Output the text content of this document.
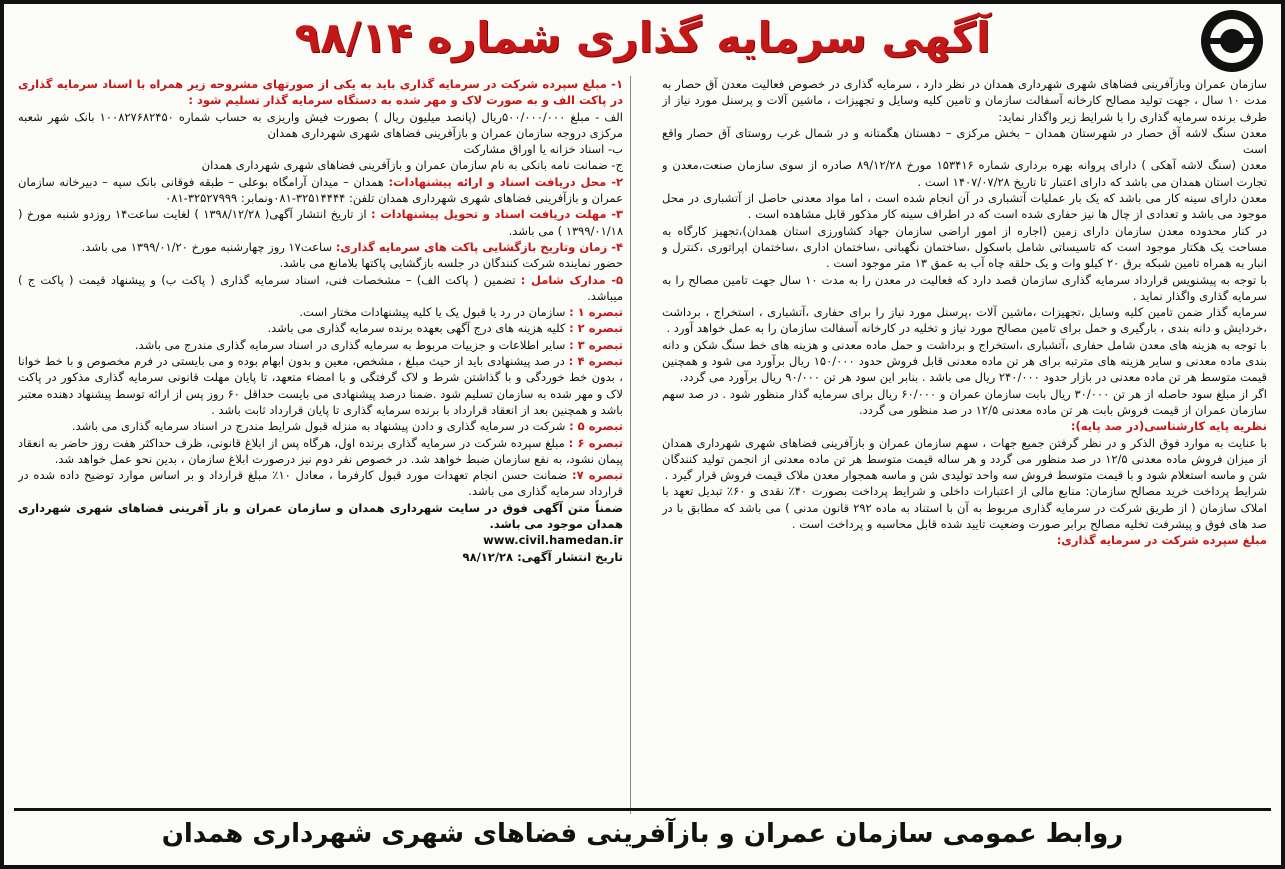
آگهی سرمایه گذاری شماره ۹۸/۱۴

سازمان عمران وبازآفرینی فضاهای شهری شهرداری همدان در نظر دارد ، سرمایه گذاری در خصوص فعالیت معدن آق حصار به مدت ۱۰ سال ، جهت تولید مصالح کارخانه آسفالت سازمان و تامین کلیه وسایل و تجهیزات ، ماشین آلات و پرسنل مورد نیاز از طرف برنده سرمایه گذاری را با شرایط زیر واگذار نماید:

معدن سنگ لاشه آق حصار در شهرستان همدان – بخش مرکزی – دهستان هگمتانه و در شمال غرب روستای آق حصار واقع است

معدن (سنگ لاشه آهکی ) دارای پروانه بهره برداری شماره ۱۵۳۴۱۶ مورخ ۸۹/۱۲/۲۸ صادره از سوی سازمان صنعت،معدن و تجارت استان همدان می باشد که دارای اعتبار تا تاریخ ۱۴۰۷/۰۷/۲۸ است .

معدن دارای سینه کار می باشد که یک بار عملیات آتشباری در آن انجام شده است ، اما مواد معدنی حاصل از آتشباری در محل موجود می باشد و تعدادی از چال ها نیز حفاری شده است که در اطراف سینه کار مذکور قابل مشاهده است .

در کنار محدوده معدن سازمان دارای زمین (اجاره از امور اراضی سازمان جهاد کشاورزی استان همدان)،تجهیز کارگاه به مساحت یک هکتار موجود است که تاسیساتی شامل باسکول ،ساختمان نگهبانی ،ساختمان اداری ،ساختمان اپراتوری ،کنترل و انبار به همراه تامین شبکه برق ۲۰ کیلو وات و یک حلقه چاه آب به عمق ۱۳ متر موجود است .

با توجه به پیشنویس قرارداد سرمایه گذاری سازمان قصد دارد که فعالیت در معدن را به مدت ۱۰ سال جهت تامین مصالح را به سرمایه گذاری واگذار نماید .

سرمایه گذار ضمن تامین کلیه وسایل ،تجهیزات ،ماشین آلات ،پرسنل مورد نیاز را برای حفاری ،آتشباری ، استخراج ، برداشت ،خردایش و دانه بندی ، بارگیری و حمل برای تامین مصالح مورد نیاز و تخلیه در کارخانه آسفالت سازمان را به عمل خواهد آورد .

با توجه به هزینه های معدن شامل حفاری ،آتشباری ،استخراج و برداشت و حمل ماده معدنی و هزینه های خط سنگ شکن و دانه بندی ماده معدنی و سایر هزینه های مترتبه برای هر تن ماده معدنی قابل فروش حدود ۱۵۰/۰۰۰ ریال برآورد می شود و همچنین قیمت متوسط هر تن ماده معدنی در بازار حدود ۲۴۰/۰۰۰ ریال می باشد . بنابر این سود هر تن ۹۰/۰۰۰ ریال برآورد می گردد.

اگر از مبلغ سود حاصله از هر تن ۳۰/۰۰۰ ریال بابت سازمان عمران و ۶۰/۰۰۰ ریال برای سرمایه گذار منظور شود . در صد سهم سازمان عمران از قیمت فروش بابت هر تن ماده معدنی ۱۲/۵ در صد منظور می گردد.

نظریه پایه کارشناسی(در صد پایه):

با عنایت به موارد فوق الذکر و در نظر گرفتن جمیع جهات ، سهم سازمان عمران و بازآفرینی فضاهای شهری شهرداری همدان از میزان فروش ماده معدنی ۱۲/۵ در صد منظور می گردد و هر ساله قیمت متوسط هر تن ماده معدنی از انجمن تولید کنندگان شن و ماسه استعلام شود و با قیمت متوسط فروش سه واحد تولیدی شن و ماسه همجوار معدن ملاک قیمت فروش قرار گیرد .

شرایط پرداخت خرید مصالح سازمان: منابع مالی از اعتبارات داخلی و شرایط پرداخت بصورت ۴۰٪ نقدی و ۶۰٪ تبدیل تعهد با املاک سازمان ( از طریق شرکت در سرمایه گذاری مربوط به آن با استناد به ماده ۲۹۲ قانون مدنی ) می باشد که مطابق با در صد های فوق و پیشرفت تخلیه مصالح برابر صورت وضعیت تایید شده قابل محاسبه و پرداخت است .

مبلغ سپرده شرکت در سرمایه گذاری:

۱- مبلغ سپرده شرکت در سرمایه گذاری باید به یکی از صورتهای مشروحه زیر همراه با اسناد سرمایه گذاری در پاکت الف و به صورت لاک و مهر شده به دستگاه سرمایه گذار تسلیم شود :

الف - مبلغ ۵۰۰/۰۰۰/۰۰۰ریال (پانصد میلیون ریال ) بصورت فیش واریزی به حساب شماره ۱۰۰۸۲۷۶۸۲۴۵۰ بانک شهر شعبه مرکزی دروجه سازمان عمران و بازآفرینی فضاهای شهری شهرداری همدان

ب- اسناد خزانه یا اوراق مشارکت

ج- ضمانت نامه بانکی به نام سازمان عمران و بازآفرینی فضاهای شهری شهرداری همدان

۲- محل دریافت اسناد و ارائه پیشنهادات: همدان – میدان آرامگاه بوعلی – طبقه فوقانی بانک سپه – دبیرخانه سازمان عمران و بازآفرینی فضاهای شهری شهرداری همدان تلفن: ۳۲۵۱۴۴۴۴-۰۸۱ونمابر: ۳۲۵۲۷۹۹۹-۰۸۱

۳- مهلت دریافت اسناد و تحویل پیشنهادات : از تاریخ انتشار آگهی( ۱۳۹۸/۱۲/۲۸ ) لغایت ساعت۱۴ روزدو شنبه مورخ ( ۱۳۹۹/۰۱/۱۸ ) می باشد.

۴- زمان وتاریخ بازگشایی پاکت های سرمایه گذاری: ساعت۱۷ روز چهارشنبه مورخ ۱۳۹۹/۰۱/۲۰ می باشد.

حضور نماینده شرکت کنندگان در جلسه بازگشایی پاکتها بلامانع می باشد.

۵- مدارک شامل : تضمین ( پاکت الف) – مشخصات فنی، اسناد سرمایه گذاری ( پاکت ب) و پیشنهاد قیمت ( پاکت ج ) میباشد.

تبصره ۱ : سازمان در رد یا قبول یک یا کلیه پیشنهادات مختار است.

تبصره ۲ : کلیه هزینه های درج آگهی بعهده برنده سرمایه گذاری می باشد.

تبصره ۳ : سایر اطلاعات و جزییات مربوط به سرمایه گذاری در اسناد سرمایه گذاری مندرج می باشد.

تبصره ۴ : در صد پیشنهادی باید از حیث مبلغ ، مشخص، معین و بدون ابهام بوده و می بایستی در فرم مخصوص و با خط خوانا ، بدون خط خوردگی و با گذاشتن شرط و لاک گرفتگی و با امضاء متعهد، تا پایان مهلت قانونی سرمایه گذاری مذکور در پاکت لاک و مهر شده به سازمان تسلیم شود .ضمنا درصد پیشنهادی می بایست حداقل ۶۰ روز پس از ارائه توسط پیشنهاد دهنده معتبر باشد و همچنین بعد از انعقاد قرارداد با برنده سرمایه گذاری تا پایان قرارداد ثابت باشد .

تبصره ۵ : شرکت در سرمایه گذاری و دادن پیشنهاد به منزله قبول شرایط مندرج در اسناد سرمایه گذاری می باشد.

تبصره ۶ : مبلغ سپرده شرکت در سرمایه گذاری برنده اول، هرگاه پس از ابلاغ قانونی، ظرف حداکثر هفت روز حاضر به انعقاد پیمان نشود، به نفع سازمان ضبط خواهد شد. در خصوص نفر دوم نیز درصورت ابلاغ سازمان ، بدین نحو عمل خواهد شد.

تبصره ۷: ضمانت حسن انجام تعهدات مورد قبول کارفرما ، معادل ۱۰٪ مبلغ قرارداد و بر اساس موارد توضیح داده شده در قرارداد سرمایه گذاری می باشد.

ضمناً متن آگهی فوق در سایت شهرداری همدان و سازمان عمران و باز آفرینی فضاهای شهری شهرداری همدان موجود می باشد.

www.civil.hamedan.ir

تاریخ انتشار آگهی: ۹۸/۱۲/۲۸

روابط عمومی سازمان عمران و بازآفرینی فضاهای شهری شهرداری همدان
